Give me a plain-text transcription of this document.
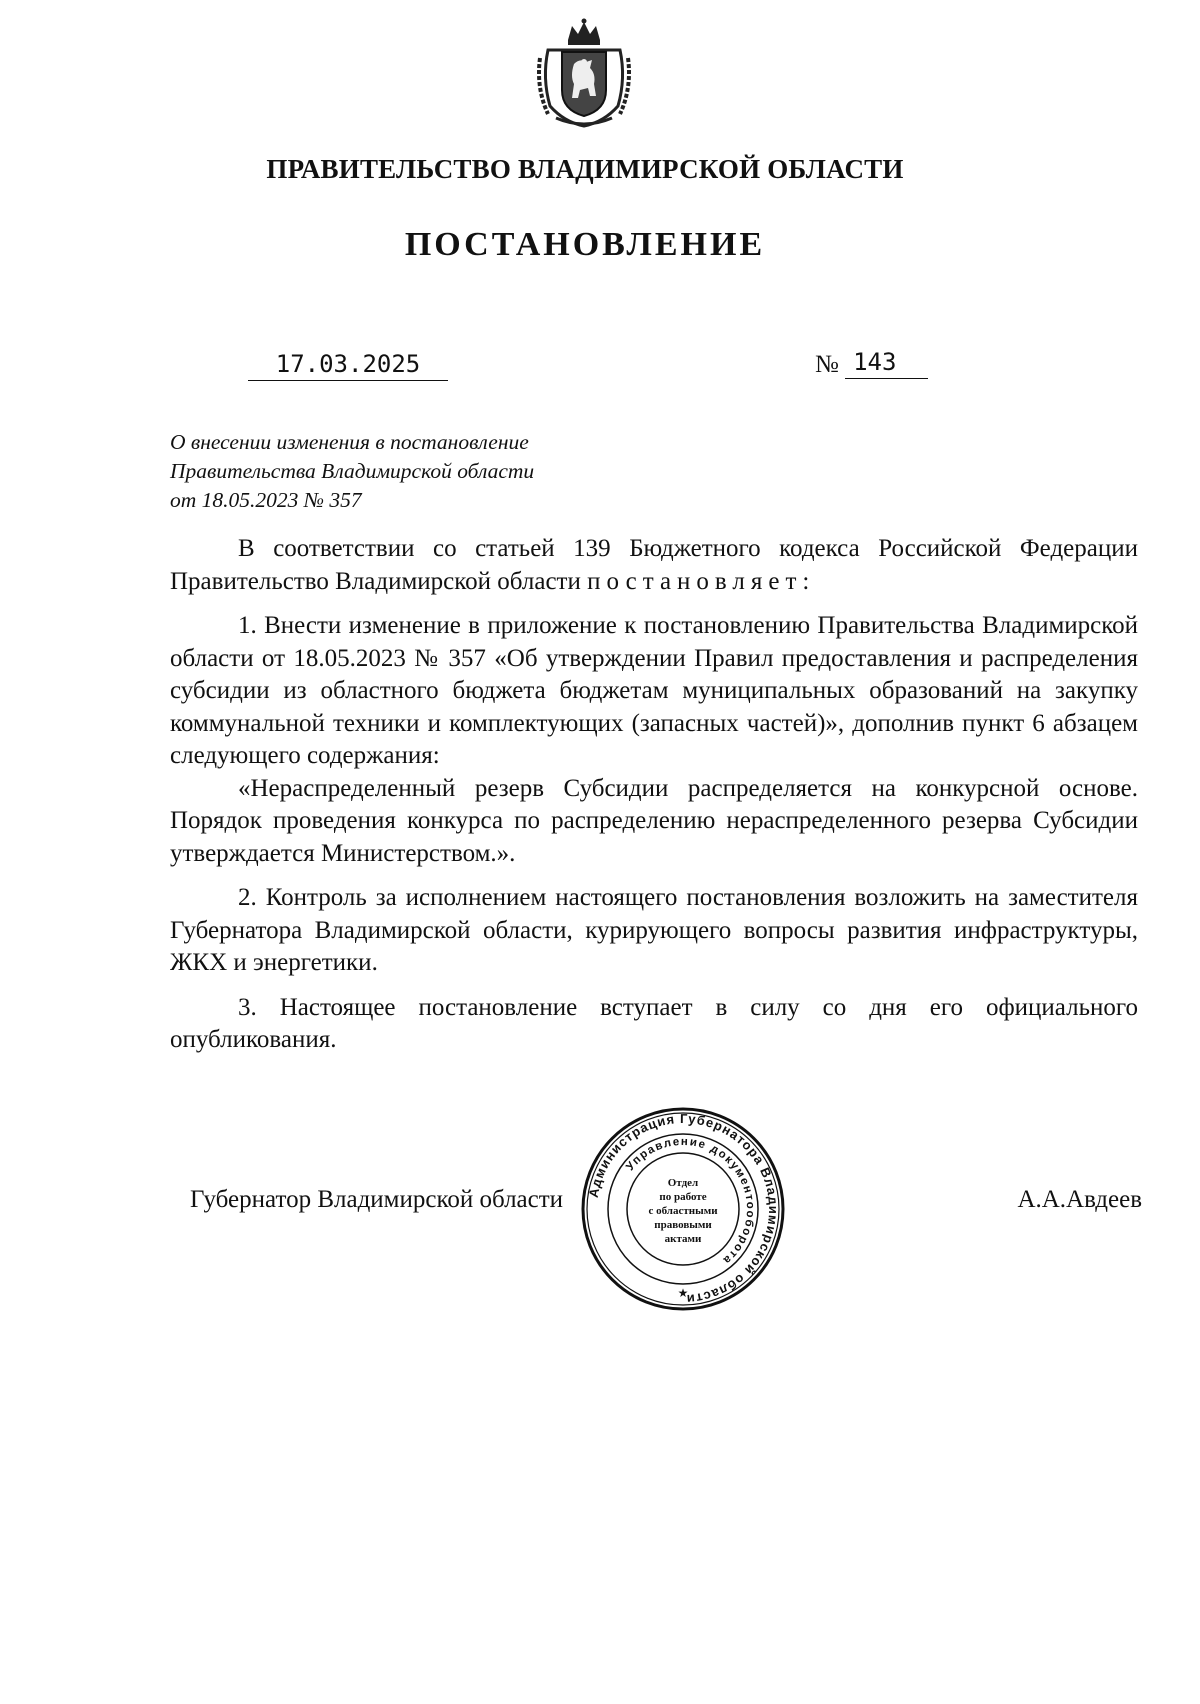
ПРАВИТЕЛЬСТВО ВЛАДИМИРСКОЙ ОБЛАСТИ
ПОСТАНОВЛЕНИЕ
17.03.2025	№ 143
О внесении изменения в постановление
Правительства Владимирской области
от 18.05.2023 № 357

В соответствии со статьей 139 Бюджетного кодекса Российской Федерации Правительство Владимирской области постановляет:

1. Внести изменение в приложение к постановлению Правительства Владимирской области от 18.05.2023 № 357 «Об утверждении Правил предоставления и распределения субсидии из областного бюджета бюджетам муниципальных образований на закупку коммунальной техники и комплектующих (запасных частей)», дополнив пункт 6 абзацем следующего содержания:

«Нераспределенный резерв Субсидии распределяется на конкурсной основе. Порядок проведения конкурса по распределению нераспределенного резерва Субсидии утверждается Министерством.».

2. Контроль за исполнением настоящего постановления возложить на заместителя Губернатора Владимирской области, курирующего вопросы развития инфраструктуры, ЖКХ и энергетики.

3. Настоящее постановление вступает в силу со дня его официального опубликования.

Губернатор Владимирской области	А.А.Авдеев
Администрация Губернатора Владимирской области
Управление документооборота
Отдел
по работе
с областными
правовыми
актами
★
